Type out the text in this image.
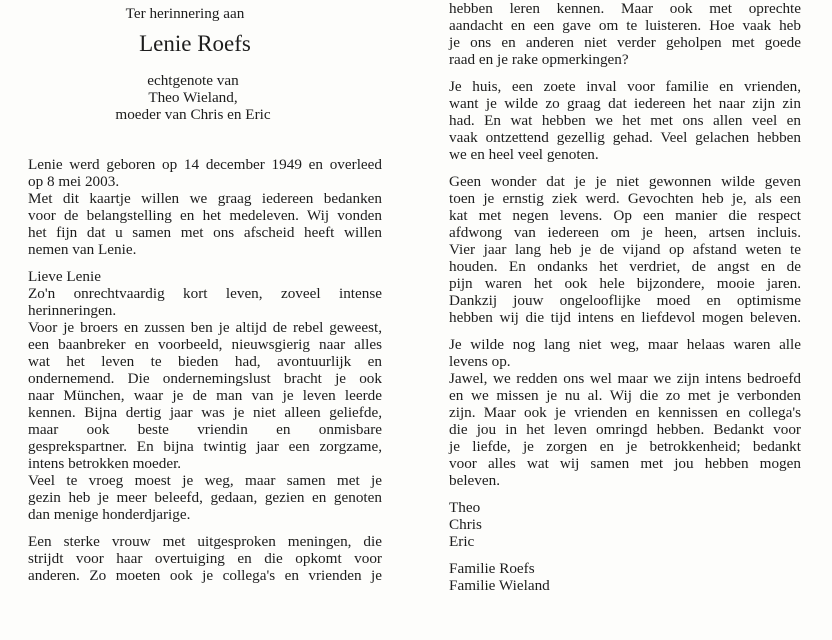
Ter herinnering aan
Lenie Roefs
echtgenote van
Theo Wieland,
moeder van Chris en Eric
Lenie werd geboren op 14 december 1949 en overleed
op 8 mei 2003.
Met dit kaartje willen we graag iedereen bedanken
voor de belangstelling en het medeleven. Wij vonden
het fijn dat u samen met ons afscheid heeft willen
nemen van Lenie.
Lieve Lenie
Zo'n onrechtvaardig kort leven, zoveel intense
herinneringen.
Voor je broers en zussen ben je altijd de rebel geweest,
een baanbreker en voorbeeld, nieuwsgierig naar alles
wat het leven te bieden had, avontuurlijk en
ondernemend. Die ondernemingslust bracht je ook
naar München, waar je de man van je leven leerde
kennen. Bijna dertig jaar was je niet alleen geliefde,
maar ook beste vriendin en onmisbare
gesprekspartner. En bijna twintig jaar een zorgzame,
intens betrokken moeder.
Veel te vroeg moest je weg, maar samen met je
gezin heb je meer beleefd, gedaan, gezien en genoten
dan menige honderdjarige.
Een sterke vrouw met uitgesproken meningen, die
strijdt voor haar overtuiging en die opkomt voor
anderen. Zo moeten ook je collega's en vrienden je
hebben leren kennen. Maar ook met oprechte
aandacht en een gave om te luisteren. Hoe vaak heb
je ons en anderen niet verder geholpen met goede
raad en je rake opmerkingen?
Je huis, een zoete inval voor familie en vrienden,
want je wilde zo graag dat iedereen het naar zijn zin
had. En wat hebben we het met ons allen veel en
vaak ontzettend gezellig gehad. Veel gelachen hebben
we en heel veel genoten.
Geen wonder dat je je niet gewonnen wilde geven
toen je ernstig ziek werd. Gevochten heb je, als een
kat met negen levens. Op een manier die respect
afdwong van iedereen om je heen, artsen incluis.
Vier jaar lang heb je de vijand op afstand weten te
houden. En ondanks het verdriet, de angst en de
pijn waren het ook hele bijzondere, mooie jaren.
Dankzij jouw ongelooflijke moed en optimisme
hebben wij die tijd intens en liefdevol mogen beleven.
Je wilde nog lang niet weg, maar helaas waren alle
levens op.
Jawel, we redden ons wel maar we zijn intens bedroefd
en we missen je nu al. Wij die zo met je verbonden
zijn. Maar ook je vrienden en kennissen en collega's
die jou in het leven omringd hebben. Bedankt voor
je liefde, je zorgen en je betrokkenheid; bedankt
voor alles wat wij samen met jou hebben mogen
beleven.
Theo
Chris
Eric
Familie Roefs
Familie Wieland
